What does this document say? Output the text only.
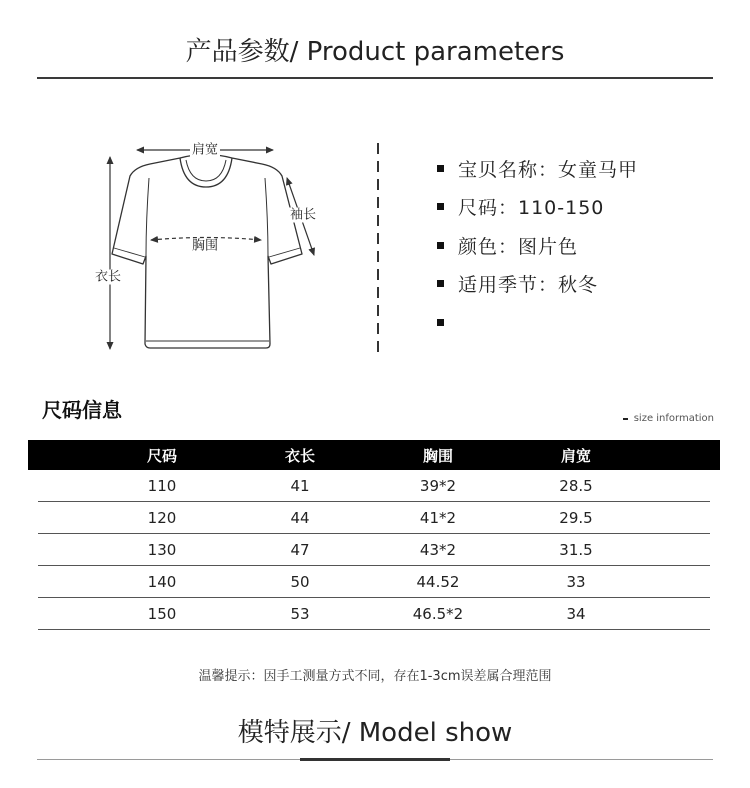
产品参数/ Product parameters
肩宽
袖长
胸围
衣长
宝贝名称：女童马甲
尺码：110-150
颜色：图片色
适用季节：秋冬
尺码信息	size information
尺码	衣长	胸围	肩宽
110	41	39*2	28.5
120	44	41*2	29.5
130	47	43*2	31.5
140	50	44.52	33
150	53	46.5*2	34
温馨提示：因手工测量方式不同，存在1-3cm误差属合理范围
模特展示/ Model show
